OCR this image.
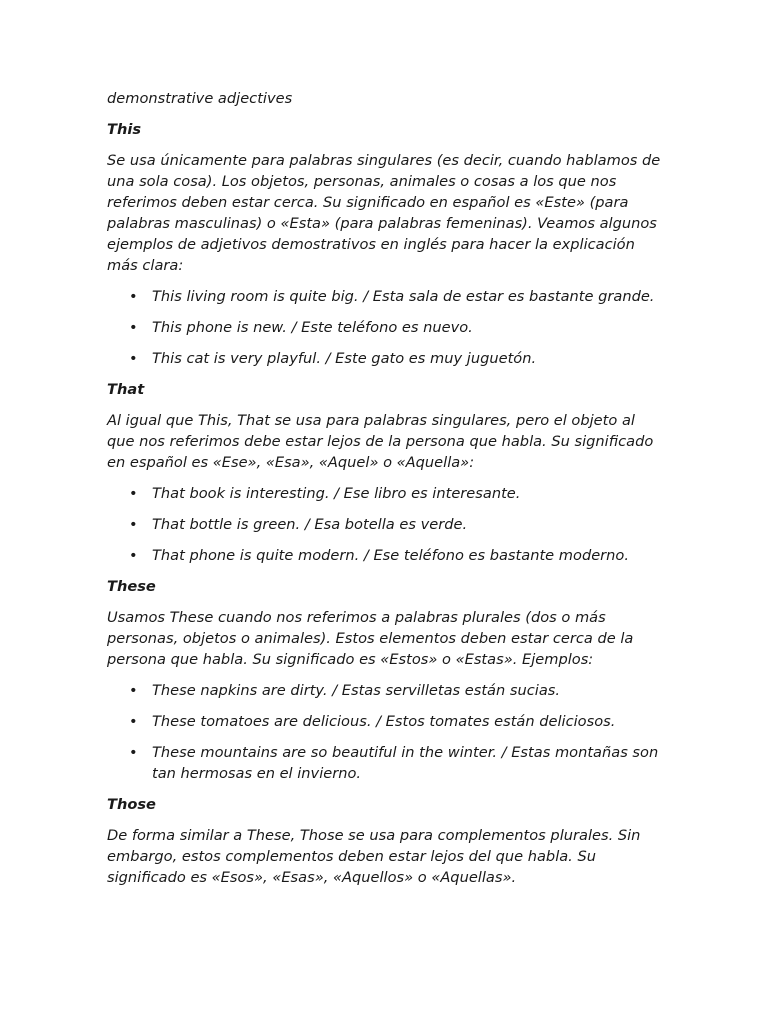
demonstrative adjectives

This

Se usa únicamente para palabras singulares (es decir, cuando hablamos de una sola cosa). Los objetos, personas, animales o cosas a los que nos referimos deben estar cerca. Su significado en español es «Este» (para palabras masculinas) o «Esta» (para palabras femeninas). Veamos algunos ejemplos de adjetivos demostrativos en inglés para hacer la explicación más clara:

• This living room is quite big. / Esta sala de estar es bastante grande.
• This phone is new. / Este teléfono es nuevo.
• This cat is very playful. / Este gato es muy juguetón.

That

Al igual que This, That se usa para palabras singulares, pero el objeto al que nos referimos debe estar lejos de la persona que habla. Su significado en español es «Ese», «Esa», «Aquel» o «Aquella»:

• That book is interesting. / Ese libro es interesante.
• That bottle is green. / Esa botella es verde.
• That phone is quite modern. / Ese teléfono es bastante moderno.

These

Usamos These cuando nos referimos a palabras plurales (dos o más personas, objetos o animales). Estos elementos deben estar cerca de la persona que habla. Su significado es «Estos» o «Estas». Ejemplos:

• These napkins are dirty. / Estas servilletas están sucias.
• These tomatoes are delicious. / Estos tomates están deliciosos.
• These mountains are so beautiful in the winter. / Estas montañas son tan hermosas en el invierno.

Those

De forma similar a These, Those se usa para complementos plurales. Sin embargo, estos complementos deben estar lejos del que habla. Su significado es «Esos», «Esas», «Aquellos» o «Aquellas».
